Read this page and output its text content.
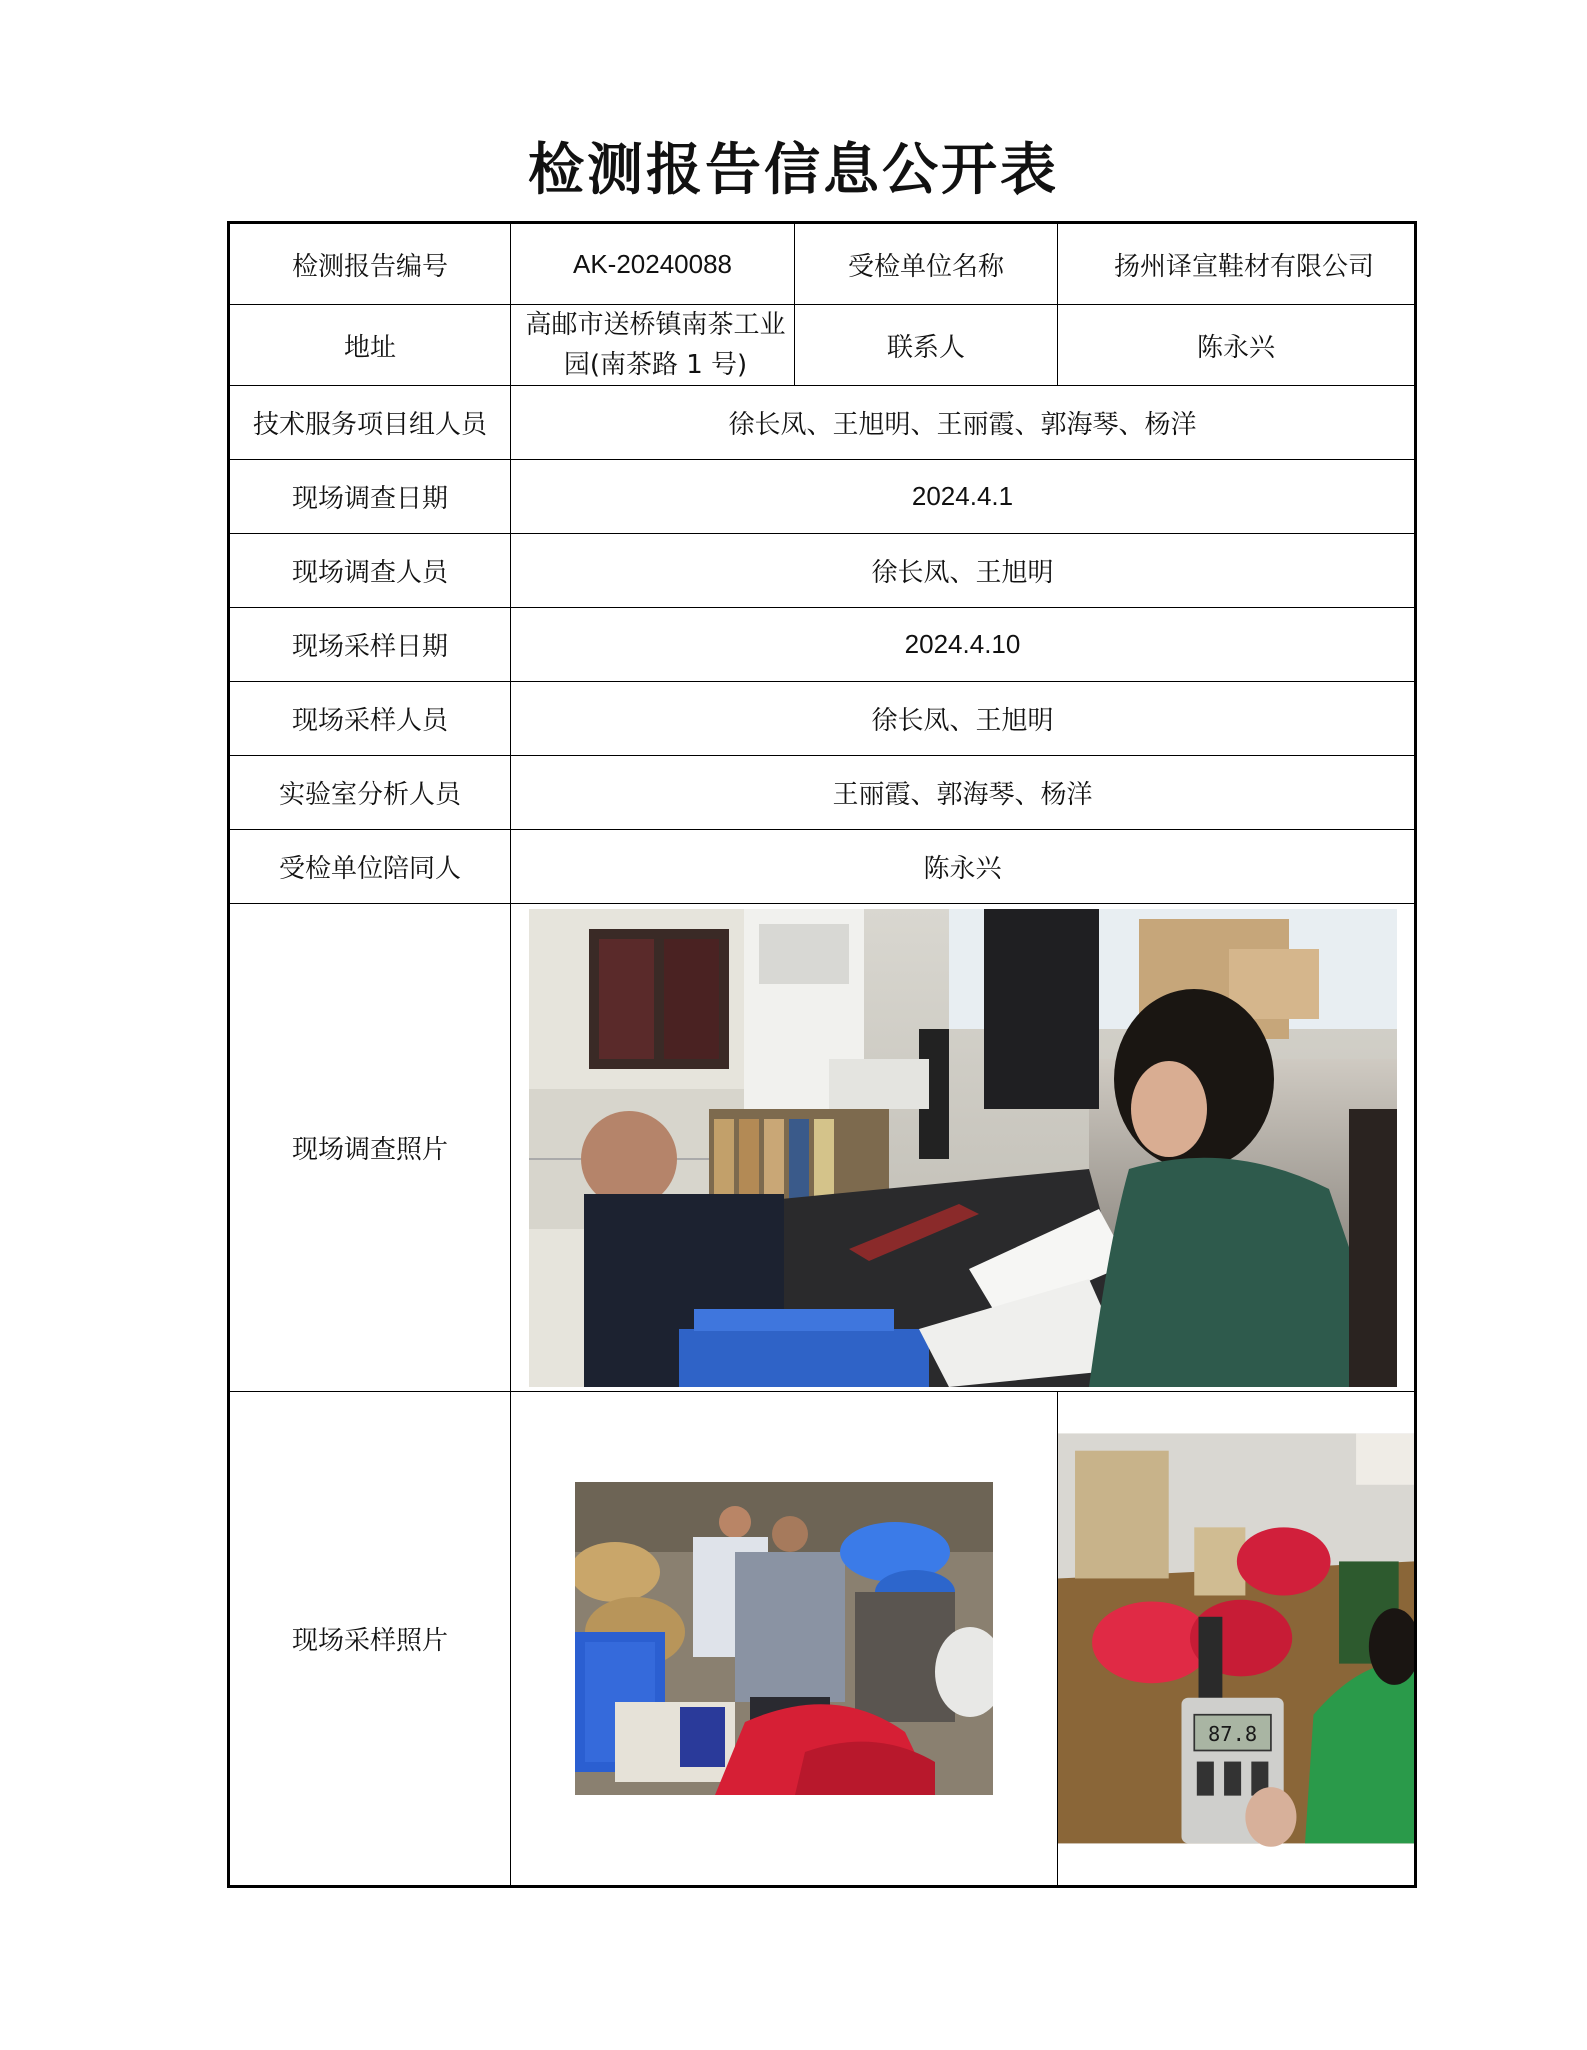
检测报告信息公开表
检测报告编号	AK-20240088	受检单位名称	扬州译宣鞋材有限公司
地址	高邮市送桥镇南茶工业园(南茶路 1 号)	联系人	陈永兴
技术服务项目组人员	徐长凤、王旭明、王丽霞、郭海琴、杨洋		
现场调查日期	2024.4.1		
现场调查人员	徐长凤、王旭明		
现场采样日期	2024.4.10		
现场采样人员	徐长凤、王旭明		
实验室分析人员	王丽霞、郭海琴、杨洋		
受检单位陪同人	陈永兴		
现场调查照片	

现场采样照片			87.8
